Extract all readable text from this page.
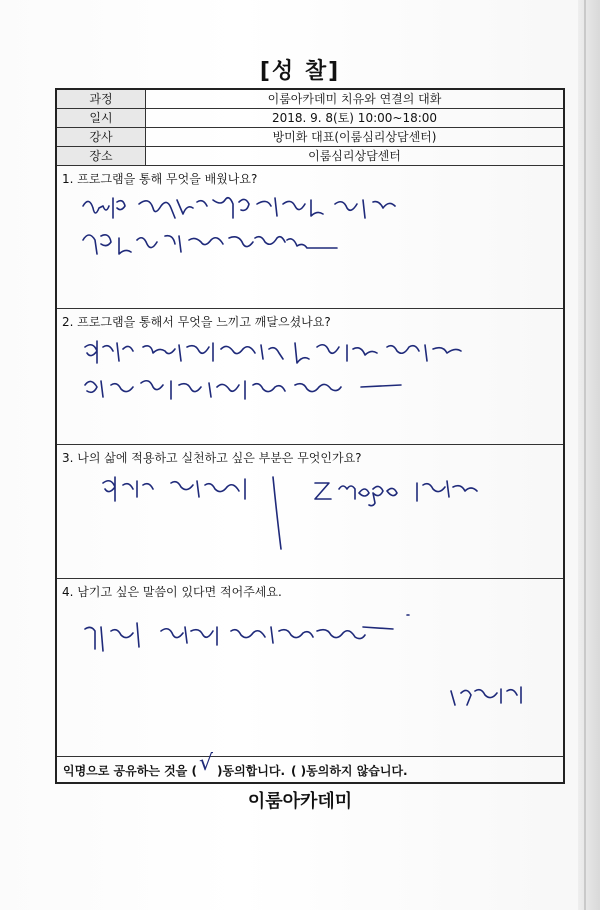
[성 찰]
과정	이룸아카데미 치유와 연결의 대화
일시	2018. 9. 8(토) 10:00~18:00
강사	방미화 대표(이룸심리상담센터)
장소	이룸심리상담센터
1. 프로그램을 통해 무엇을 배웠나요?
2. 프로그램을 통해서 무엇을 느끼고 깨달으셨나요?
3. 나의 삶에 적용하고 실천하고 싶은 부분은 무엇인가요?
4. 남기고 싶은 말씀이 있다면 적어주세요.
익명으로 공유하는 것을 ( √ )동의합니다. ( )동의하지 않습니다.
이룸아카데미
